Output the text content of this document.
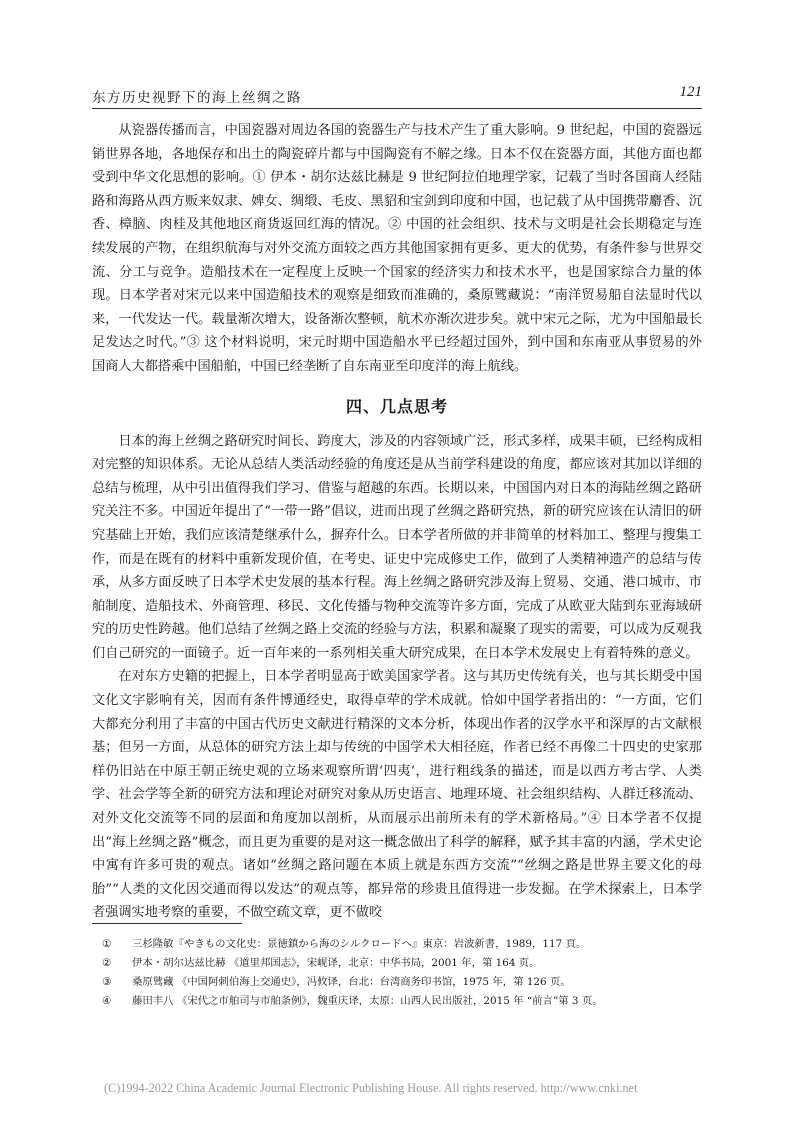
东方历史视野下的海上丝绸之路	121

从瓷器传播而言，中国瓷器对周边各国的瓷器生产与技术产生了重大影响。9 世纪起，中国的瓷器远销世界各地，各地保存和出土的陶瓷碎片都与中国陶瓷有不解之缘。日本不仅在瓷器方面，其他方面也都受到中华文化思想的影响。① 伊本・胡尔达兹比赫是 9 世纪阿拉伯地理学家，记载了当时各国商人经陆路和海路从西方贩来奴隶、婢女、绸缎、毛皮、黑貂和宝剑到印度和中国，也记载了从中国携带麝香、沉香、樟脑、肉桂及其他地区商货返回红海的情况。② 中国的社会组织、技术与文明是社会长期稳定与连续发展的产物，在组织航海与对外交流方面较之西方其他国家拥有更多、更大的优势，有条件参与世界交流、分工与竞争。造船技术在一定程度上反映一个国家的经济实力和技术水平，也是国家综合力量的体现。日本学者对宋元以来中国造船技术的观察是细致而准确的，桑原骘藏说：“南洋贸易船自法显时代以来，一代发达一代。载量渐次增大，设备渐次整顿，航术亦渐次进步矣。就中宋元之际，尤为中国船最长足发达之时代。”③ 这个材料说明，宋元时期中国造船水平已经超过国外，到中国和东南亚从事贸易的外国商人大都搭乘中国船舶，中国已经垄断了自东南亚至印度洋的海上航线。

四、几点思考

日本的海上丝绸之路研究时间长、跨度大，涉及的内容领域广泛，形式多样，成果丰硕，已经构成相对完整的知识体系。无论从总结人类活动经验的角度还是从当前学科建设的角度，都应该对其加以详细的总结与梳理，从中引出值得我们学习、借鉴与超越的东西。长期以来，中国国内对日本的海陆丝绸之路研究关注不多。中国近年提出了“一带一路”倡议，进而出现了丝绸之路研究热，新的研究应该在认清旧的研究基础上开始，我们应该清楚继承什么，摒弃什么。日本学者所做的并非简单的材料加工、整理与搜集工作，而是在既有的材料中重新发现价值，在考史、证史中完成修史工作，做到了人类精神遗产的总结与传承，从多方面反映了日本学术史发展的基本行程。海上丝绸之路研究涉及海上贸易、交通、港口城市、市舶制度、造船技术、外商管理、移民、文化传播与物种交流等许多方面，完成了从欧亚大陆到东亚海域研究的历史性跨越。他们总结了丝绸之路上交流的经验与方法，积累和凝聚了现实的需要，可以成为反观我们自己研究的一面镜子。近一百年来的一系列相关重大研究成果，在日本学术发展史上有着特殊的意义。

在对东方史籍的把握上，日本学者明显高于欧美国家学者。这与其历史传统有关，也与其长期受中国文化文字影响有关，因而有条件博通经史，取得卓荦的学术成就。恰如中国学者指出的：“一方面，它们大都充分利用了丰富的中国古代历史文献进行精深的文本分析，体现出作者的汉学水平和深厚的古文献根基；但另一方面，从总体的研究方法上却与传统的中国学术大相径庭，作者已经不再像二十四史的史家那样仍旧站在中原王朝正统史观的立场来观察所谓‘四夷’，进行粗线条的描述，而是以西方考古学、人类学、社会学等全新的研究方法和理论对研究对象从历史语言、地理环境、社会组织结构、人群迁移流动、对外文化交流等不同的层面和角度加以剖析，从而展示出前所未有的学术新格局。”④ 日本学者不仅提出“海上丝绸之路”概念，而且更为重要的是对这一概念做出了科学的解释，赋予其丰富的内涵，学术史论中寓有许多可贵的观点。诸如“丝绸之路问题在本质上就是东西方交流”“丝绸之路是世界主要文化的母胎”“人类的文化因交通而得以发达”的观点等，都异常的珍贵且值得进一步发掘。在学术探索上，日本学者强调实地考察的重要，不做空疏文章，更不做咬

①	三杉隆敏『やきもの文化史：景徳鎮から海のシルクロードへ』東京：岩波新書，1989，117 頁。
②	伊本・胡尔达兹比赫 《道里邦国志》，宋岘译，北京：中华书局，2001 年，第 164 页。
③	桑原骘藏 《中国阿刺伯海上交通史》，冯攸译，台北：台湾商务印书馆，1975 年，第 126 页。
④	藤田丰八 《宋代之市舶司与市舶条例》，魏重庆译，太原：山西人民出版社，2015 年 “前言”第 3 页。
(C)1994-2022 China Academic Journal Electronic Publishing House. All rights reserved. http://www.cnki.net
